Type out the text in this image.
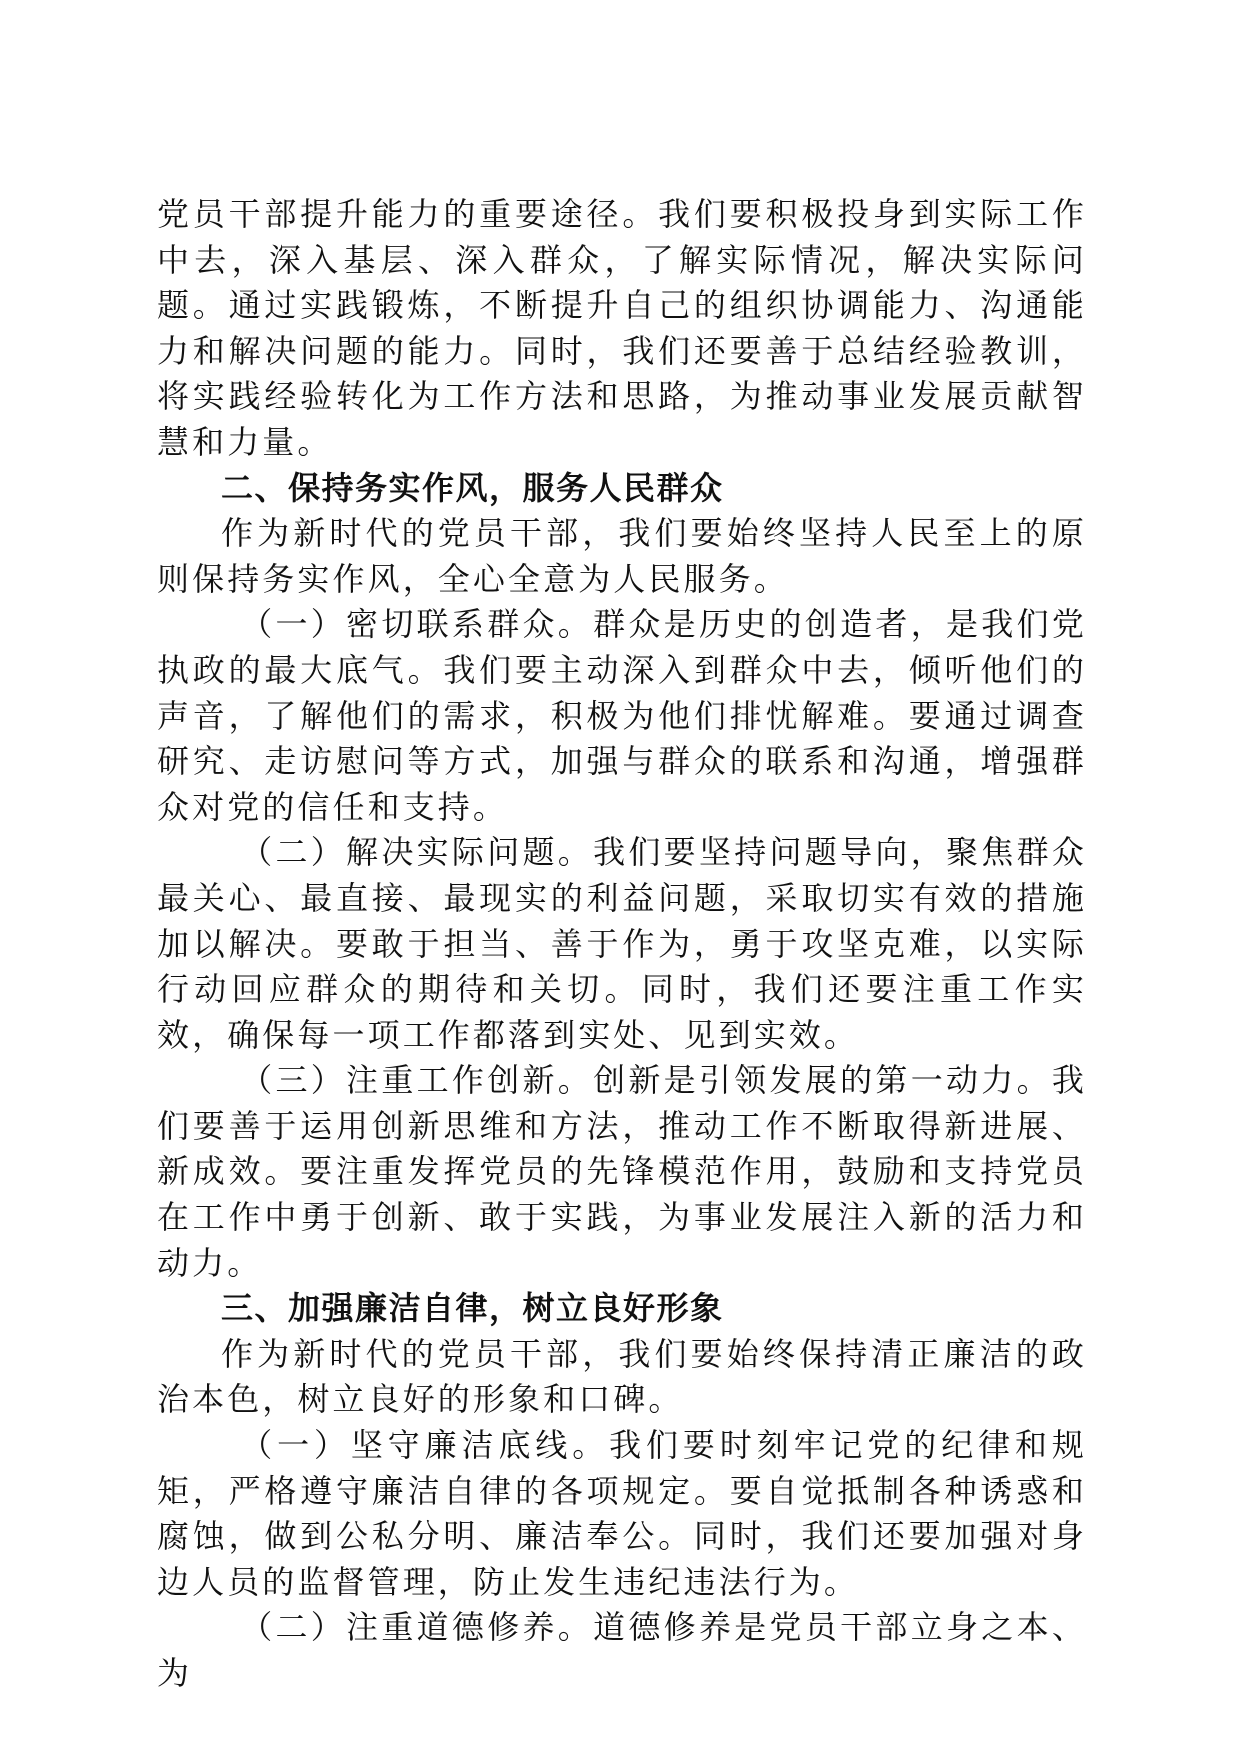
党员干部提升能力的重要途径。我们要积极投身到实际工作中去，深入基层、深入群众，了解实际情况，解决实际问题。通过实践锻炼，不断提升自己的组织协调能力、沟通能力和解决问题的能力。同时，我们还要善于总结经验教训，将实践经验转化为工作方法和思路，为推动事业发展贡献智慧和力量。

二、保持务实作风，服务人民群众

作为新时代的党员干部，我们要始终坚持人民至上的原则保持务实作风，全心全意为人民服务。

（一）密切联系群众。群众是历史的创造者，是我们党执政的最大底气。我们要主动深入到群众中去，倾听他们的声音，了解他们的需求，积极为他们排忧解难。要通过调查研究、走访慰问等方式，加强与群众的联系和沟通，增强群众对党的信任和支持。

（二）解决实际问题。我们要坚持问题导向，聚焦群众最关心、最直接、最现实的利益问题，采取切实有效的措施加以解决。要敢于担当、善于作为，勇于攻坚克难，以实际行动回应群众的期待和关切。同时，我们还要注重工作实效，确保每一项工作都落到实处、见到实效。

（三）注重工作创新。创新是引领发展的第一动力。我们要善于运用创新思维和方法，推动工作不断取得新进展、新成效。要注重发挥党员的先锋模范作用，鼓励和支持党员在工作中勇于创新、敢于实践，为事业发展注入新的活力和动力。

三、加强廉洁自律，树立良好形象

作为新时代的党员干部，我们要始终保持清正廉洁的政治本色，树立良好的形象和口碑。

（一）坚守廉洁底线。我们要时刻牢记党的纪律和规矩，严格遵守廉洁自律的各项规定。要自觉抵制各种诱惑和腐蚀，做到公私分明、廉洁奉公。同时，我们还要加强对身边人员的监督管理，防止发生违纪违法行为。

（二）注重道德修养。道德修养是党员干部立身之本、为
